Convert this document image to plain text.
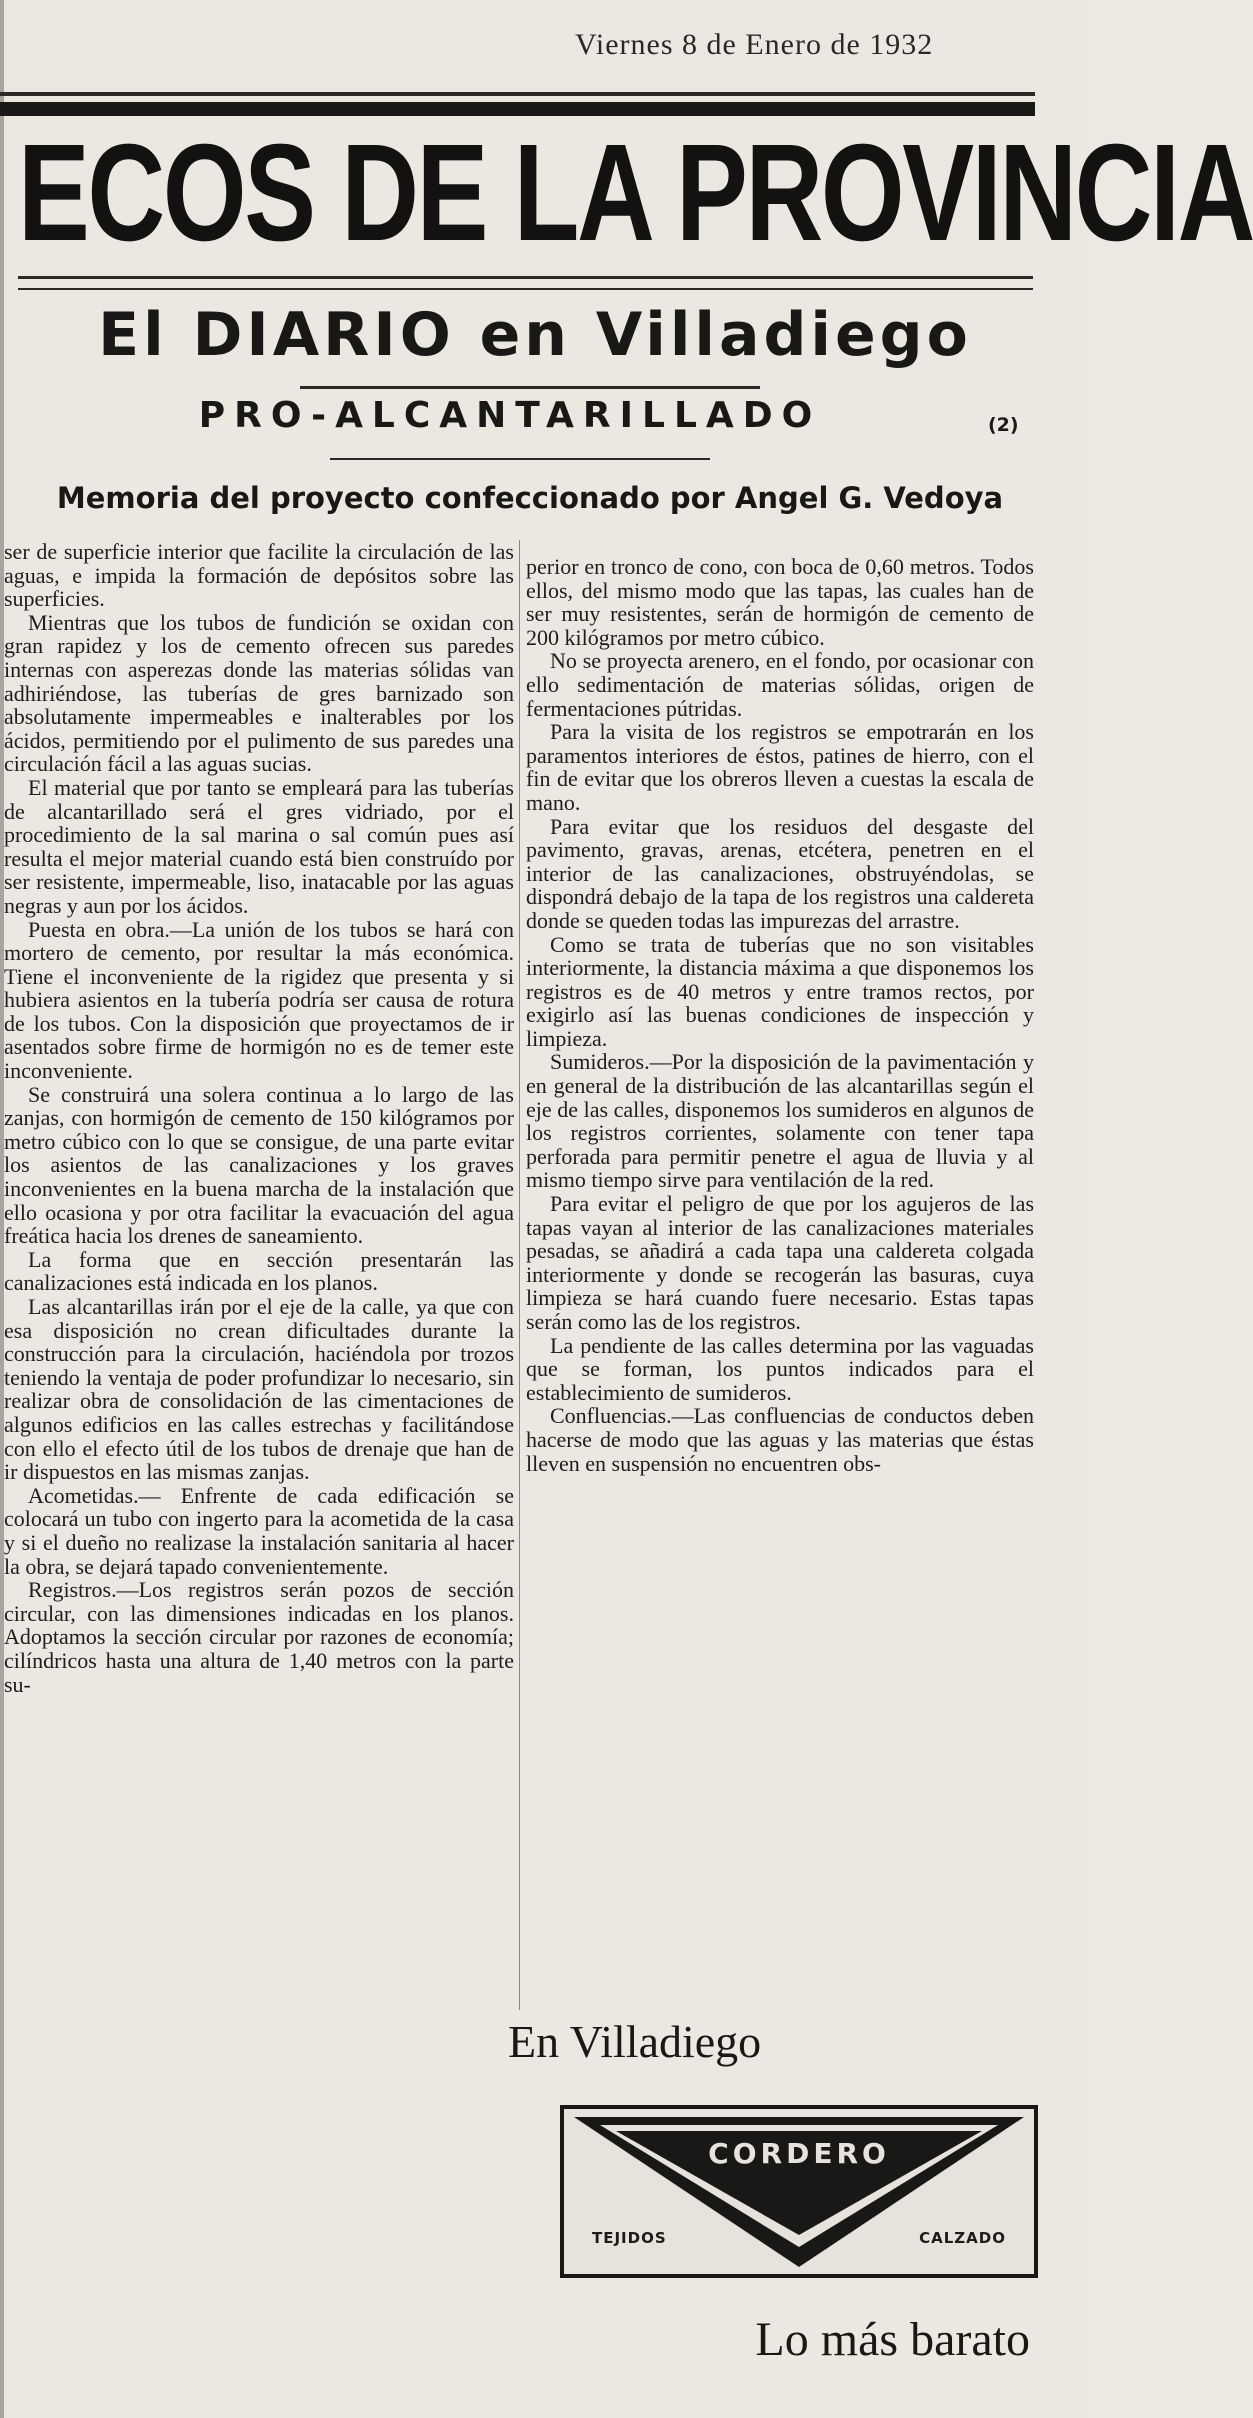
Viernes 8 de Enero de 1932
ECOS DE LA PROVINCIA
El DIARIO en Villadiego
PRO-ALCANTARILLADO	(2)
Memoria del proyecto confeccionado por Angel G. Vedoya

ser de superficie interior que facilite la circulación de las aguas, e impida la formación de depósitos sobre las superficies.

Mientras que los tubos de fundición se oxidan con gran rapidez y los de cemento ofrecen sus paredes internas con asperezas donde las materias sólidas van adhiriéndose, las tuberías de gres barnizado son absolutamente impermeables e inalterables por los ácidos, permitiendo por el pulimento de sus paredes una circulación fácil a las aguas sucias.

El material que por tanto se empleará para las tuberías de alcantarillado será el gres vidriado, por el procedimiento de la sal marina o sal común pues así resulta el mejor material cuando está bien construído por ser resistente, impermeable, liso, inatacable por las aguas negras y aun por los ácidos.

Puesta en obra.—La unión de los tubos se hará con mortero de cemento, por resultar la más económica. Tiene el inconveniente de la rigidez que presenta y si hubiera asientos en la tubería podría ser causa de rotura de los tubos. Con la disposición que proyectamos de ir asentados sobre firme de hormigón no es de temer este inconveniente.

Se construirá una solera continua a lo largo de las zanjas, con hormigón de cemento de 150 kilógramos por metro cúbico con lo que se consigue, de una parte evitar los asientos de las canalizaciones y los graves inconvenientes en la buena marcha de la instalación que ello ocasiona y por otra facilitar la evacuación del agua freática hacia los drenes de saneamiento.

La forma que en sección presentarán las canalizaciones está indicada en los planos.

Las alcantarillas irán por el eje de la calle, ya que con esa disposición no crean dificultades durante la construcción para la circulación, haciéndola por trozos teniendo la ventaja de poder profundizar lo necesario, sin realizar obra de consolidación de las cimentaciones de algunos edificios en las calles estrechas y facilitándose con ello el efecto útil de los tubos de drenaje que han de ir dispuestos en las mismas zanjas.

Acometidas.— Enfrente de cada edificación se colocará un tubo con ingerto para la acometida de la casa y si el dueño no realizase la instalación sanitaria al hacer la obra, se dejará tapado convenientemente.

Registros.—Los registros serán pozos de sección circular, con las dimensiones indicadas en los planos. Adoptamos la sección circular por razones de economía; cilíndricos hasta una altura de 1,40 metros con la parte su-

perior en tronco de cono, con boca de 0,60 metros. Todos ellos, del mismo modo que las tapas, las cuales han de ser muy resistentes, serán de hormigón de cemento de 200 kilógramos por metro cúbico.

No se proyecta arenero, en el fondo, por ocasionar con ello sedimentación de materias sólidas, origen de fermentaciones pútridas.

Para la visita de los registros se empotrarán en los paramentos interiores de éstos, patines de hierro, con el fin de evitar que los obreros lleven a cuestas la escala de mano.

Para evitar que los residuos del desgaste del pavimento, gravas, arenas, etcétera, penetren en el interior de las canalizaciones, obstruyéndolas, se dispondrá debajo de la tapa de los registros una caldereta donde se queden todas las impurezas del arrastre.

Como se trata de tuberías que no son visitables interiormente, la distancia máxima a que disponemos los registros es de 40 metros y entre tramos rectos, por exigirlo así las buenas condiciones de inspección y limpieza.

Sumideros.—Por la disposición de la pavimentación y en general de la distribución de las alcantarillas según el eje de las calles, disponemos los sumideros en algunos de los registros corrientes, solamente con tener tapa perforada para permitir penetre el agua de lluvia y al mismo tiempo sirve para ventilación de la red.

Para evitar el peligro de que por los agujeros de las tapas vayan al interior de las canalizaciones materiales pesadas, se añadirá a cada tapa una caldereta colgada interiormente y donde se recogerán las basuras, cuya limpieza se hará cuando fuere necesario. Estas tapas serán como las de los registros.

La pendiente de las calles determina por las vaguadas que se forman, los puntos indicados para el establecimiento de sumideros.

Confluencias.—Las confluencias de conductos deben hacerse de modo que las aguas y las materias que éstas lleven en suspensión no encuentren obs-

En Villadiego
CORDERO
TEJIDOS	CALZADO
Lo más barato
